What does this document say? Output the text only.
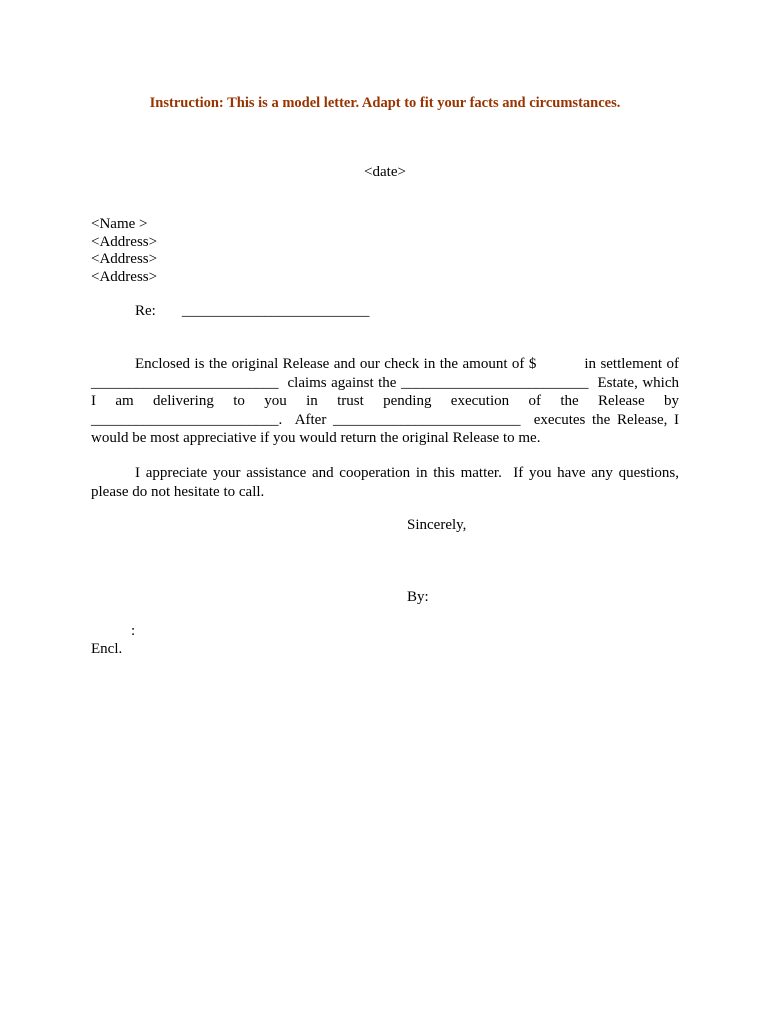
Instruction: This is a model letter. Adapt to fit your facts and circumstances.
<date>
<Name >
<Address>
<Address>
<Address>
Re: _________________________
Enclosed is the original Release and our check in the amount of $	in settlement of
_________________________  claims against the _________________________  Estate, which
I am delivering to you in trust pending execution of the Release by
_________________________.  After _________________________  executes the Release, I
would be most appreciative if you would return the original Release to me.
I appreciate your assistance and cooperation in this matter.  If you have any questions,
please do not hesitate to call.
Sincerely,
By:
:
Encl.
